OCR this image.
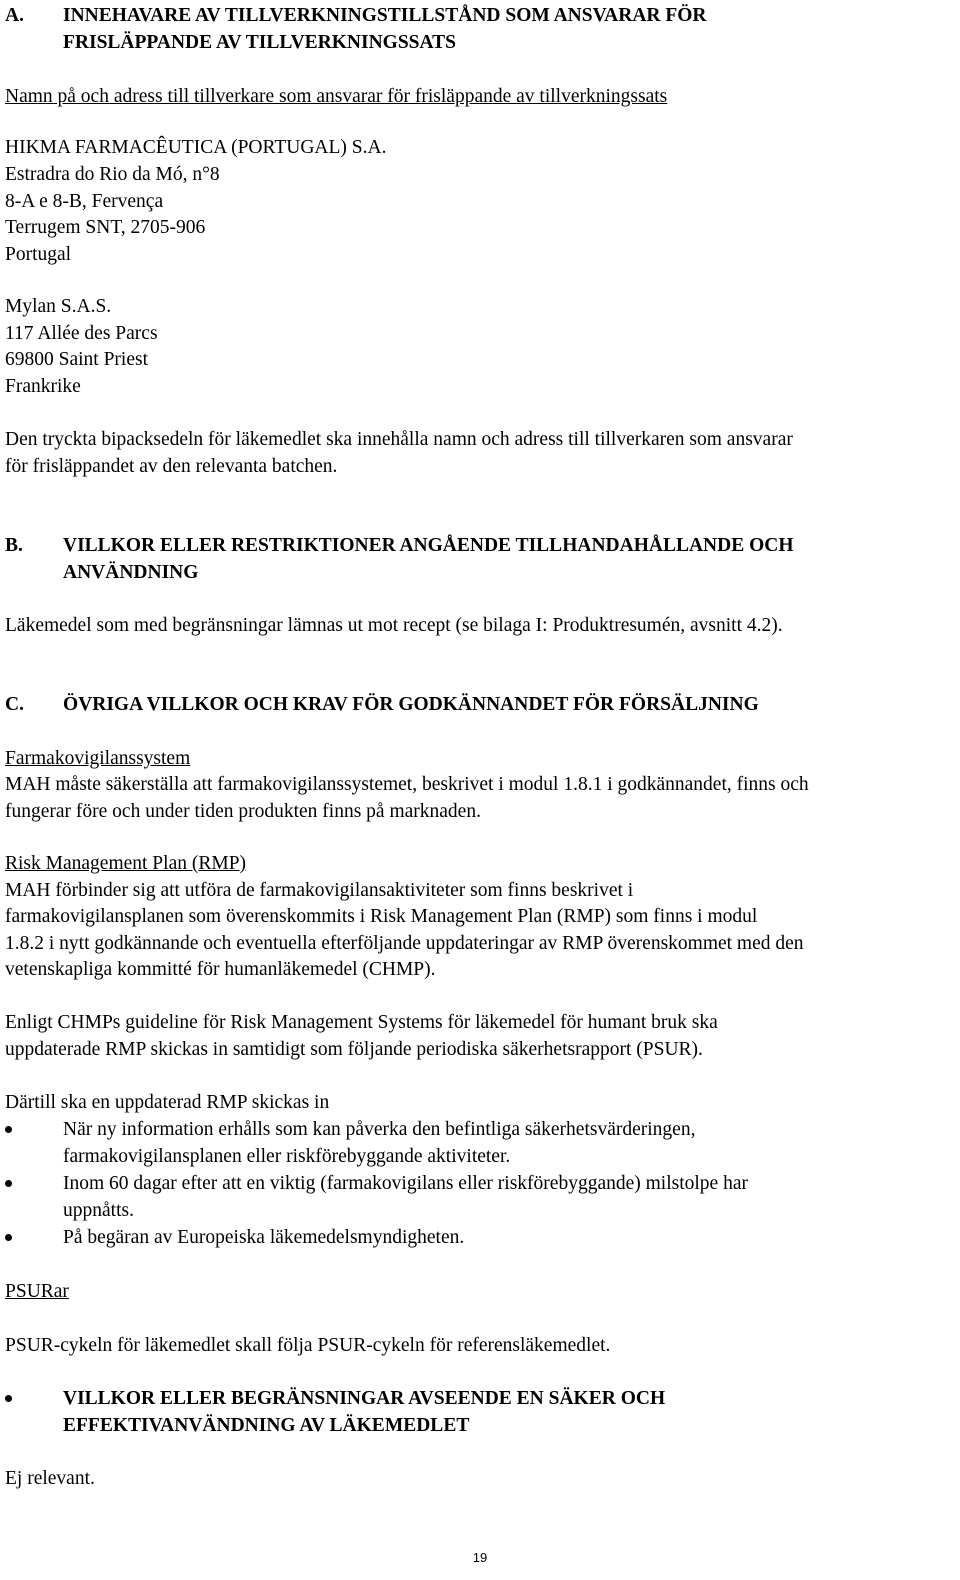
A. INNEHAVARE AV TILLVERKNINGSTILLSTÅND SOM ANSVARAR FÖR
FRISLÄPPANDE AV TILLVERKNINGSSATS
Namn på och adress till tillverkare som ansvarar för frisläppande av tillverkningssats
HIKMA FARMACÊUTICA (PORTUGAL) S.A.
Estradra do Rio da Mó, n°8
8-A e 8-B, Fervença
Terrugem SNT, 2705-906
Portugal
Mylan S.A.S.
117 Allée des Parcs
69800 Saint Priest
Frankrike
Den tryckta bipacksedeln för läkemedlet ska innehålla namn och adress till tillverkaren som ansvarar
för frisläppandet av den relevanta batchen.
B. VILLKOR ELLER RESTRIKTIONER ANGÅENDE TILLHANDAHÅLLANDE OCH
ANVÄNDNING
Läkemedel som med begränsningar lämnas ut mot recept (se bilaga I: Produktresumén, avsnitt 4.2).
C. ÖVRIGA VILLKOR OCH KRAV FÖR GODKÄNNANDET FÖR FÖRSÄLJNING
Farmakovigilanssystem
MAH måste säkerställa att farmakovigilanssystemet, beskrivet i modul 1.8.1 i godkännandet, finns och
fungerar före och under tiden produkten finns på marknaden.
Risk Management Plan (RMP)
MAH förbinder sig att utföra de farmakovigilansaktiviteter som finns beskrivet i
farmakovigilansplanen som överenskommits i Risk Management Plan (RMP) som finns i modul
1.8.2 i nytt godkännande och eventuella efterföljande uppdateringar av RMP överenskommet med den
vetenskapliga kommitté för humanläkemedel (CHMP).
Enligt CHMPs guideline för Risk Management Systems för läkemedel för humant bruk ska
uppdaterade RMP skickas in samtidigt som följande periodiska säkerhetsrapport (PSUR).
Därtill ska en uppdaterad RMP skickas in
När ny information erhålls som kan påverka den befintliga säkerhetsvärderingen,
farmakovigilansplanen eller riskförebyggande aktiviteter.
Inom 60 dagar efter att en viktig (farmakovigilans eller riskförebyggande) milstolpe har
uppnåtts.
På begäran av Europeiska läkemedelsmyndigheten.
PSURar
PSUR-cykeln för läkemedlet skall följa PSUR-cykeln för referensläkemedlet.
VILLKOR ELLER BEGRÄNSNINGAR AVSEENDE EN SÄKER OCH
EFFEKTIVANVÄNDNING AV LÄKEMEDLET
Ej relevant.
19
